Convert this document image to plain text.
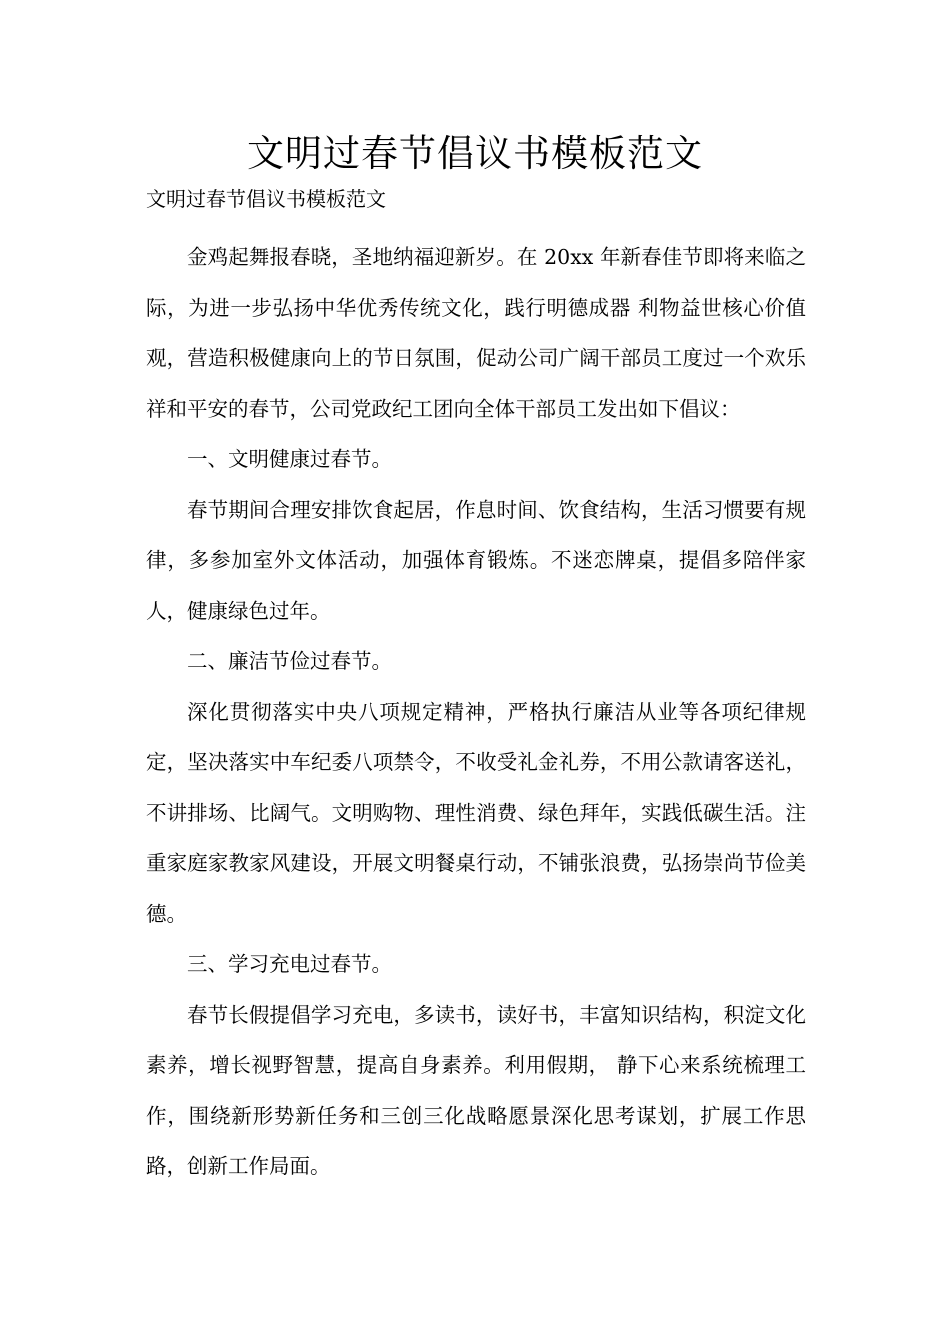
文明过春节倡议书模板范文

文明过春节倡议书模板范文

金鸡起舞报春晓，圣地纳福迎新岁。在 20xx 年新春佳节即将来临之际，为进一步弘扬中华优秀传统文化，践行明德成器 利物益世核心价值观，营造积极健康向上的节日氛围，促动公司广阔干部员工度过一个欢乐祥和平安的春节，公司党政纪工团向全体干部员工发出如下倡议：

一、文明健康过春节。

春节期间合理安排饮食起居，作息时间、饮食结构，生活习惯要有规律，多参加室外文体活动，加强体育锻炼。不迷恋牌桌，提倡多陪伴家人，健康绿色过年。

二、廉洁节俭过春节。

深化贯彻落实中央八项规定精神，严格执行廉洁从业等各项纪律规定，坚决落实中车纪委八项禁令，不收受礼金礼券，不用公款请客送礼，不讲排场、比阔气。文明购物、理性消费、绿色拜年，实践低碳生活。注重家庭家教家风建设，开展文明餐桌行动，不铺张浪费，弘扬崇尚节俭美德。

三、学习充电过春节。

春节长假提倡学习充电，多读书，读好书，丰富知识结构，积淀文化素养，增长视野智慧，提高自身素养。利用假期， 静下心来系统梳理工作，围绕新形势新任务和三创三化战略愿景深化思考谋划，扩展工作思路，创新工作局面。
